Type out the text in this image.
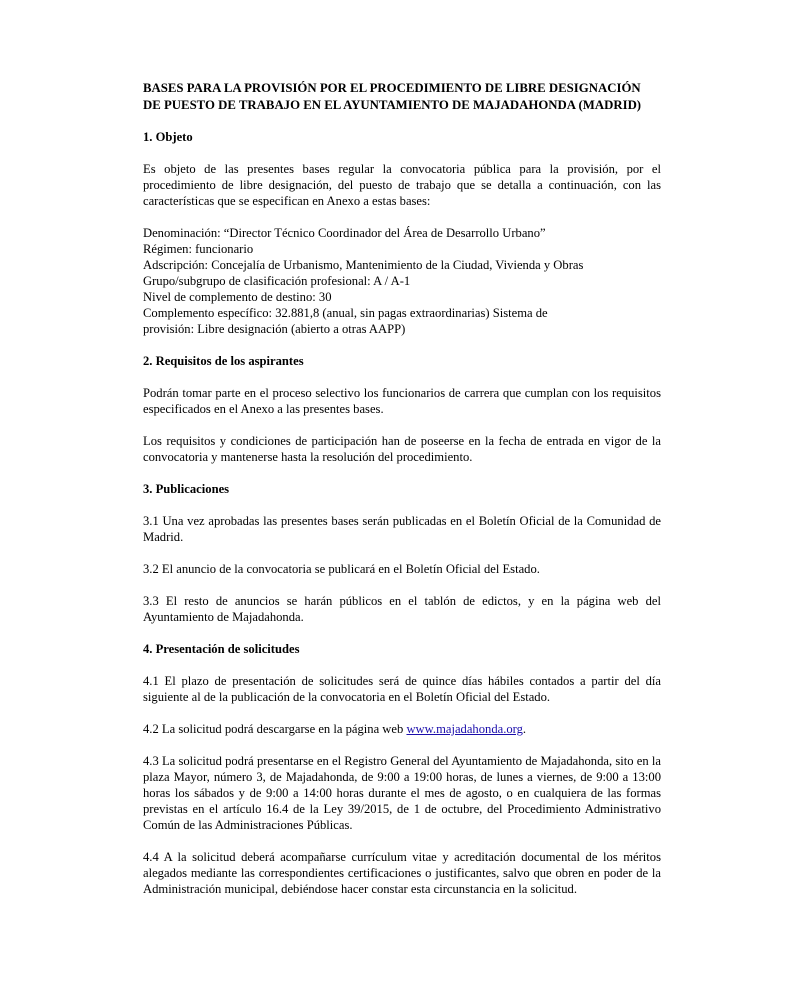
BASES PARA LA PROVISIÓN POR EL PROCEDIMIENTO DE LIBRE DESIGNACIÓN
DE PUESTO DE TRABAJO EN EL AYUNTAMIENTO DE MAJADAHONDA (MADRID)
1. Objeto

Es objeto de las presentes bases regular la convocatoria pública para la provisión, por el procedimiento de libre designación, del puesto de trabajo que se detalla a continuación, con las características que se especifican en Anexo a estas bases:

Denominación: “Director Técnico Coordinador del Área de Desarrollo Urbano”
Régimen: funcionario
Adscripción: Concejalía de Urbanismo, Mantenimiento de la Ciudad, Vivienda y Obras
Grupo/subgrupo de clasificación profesional: A / A-1
Nivel de complemento de destino: 30
Complemento específico: 32.881,8 (anual, sin pagas extraordinarias) Sistema de
provisión: Libre designación (abierto a otras AAPP)
2. Requisitos de los aspirantes

Podrán tomar parte en el proceso selectivo los funcionarios de carrera que cumplan con los requisitos especificados en el Anexo a las presentes bases.

Los requisitos y condiciones de participación han de poseerse en la fecha de entrada en vigor de la convocatoria y mantenerse hasta la resolución del procedimiento.

3. Publicaciones

3.1 Una vez aprobadas las presentes bases serán publicadas en el Boletín Oficial de la Comunidad de Madrid.

3.2 El anuncio de la convocatoria se publicará en el Boletín Oficial del Estado.

3.3 El resto de anuncios se harán públicos en el tablón de edictos, y en la página web del Ayuntamiento de Majadahonda.

4. Presentación de solicitudes

4.1 El plazo de presentación de solicitudes será de quince días hábiles contados a partir del día siguiente al de la publicación de la convocatoria en el Boletín Oficial del Estado.

4.2 La solicitud podrá descargarse en la página web www.majadahonda.org.

4.3 La solicitud podrá presentarse en el Registro General del Ayuntamiento de Majadahonda, sito en la plaza Mayor, número 3, de Majadahonda, de 9:00 a 19:00 horas, de lunes a viernes, de 9:00 a 13:00 horas los sábados y de 9:00 a 14:00 horas durante el mes de agosto, o en cualquiera de las formas previstas en el artículo 16.4 de la Ley 39/2015, de 1 de octubre, del Procedimiento Administrativo Común de las Administraciones Públicas.

4.4 A la solicitud deberá acompañarse currículum vitae y acreditación documental de los méritos alegados mediante las correspondientes certificaciones o justificantes, salvo que obren en poder de la Administración municipal, debiéndose hacer constar esta circunstancia en la solicitud.
